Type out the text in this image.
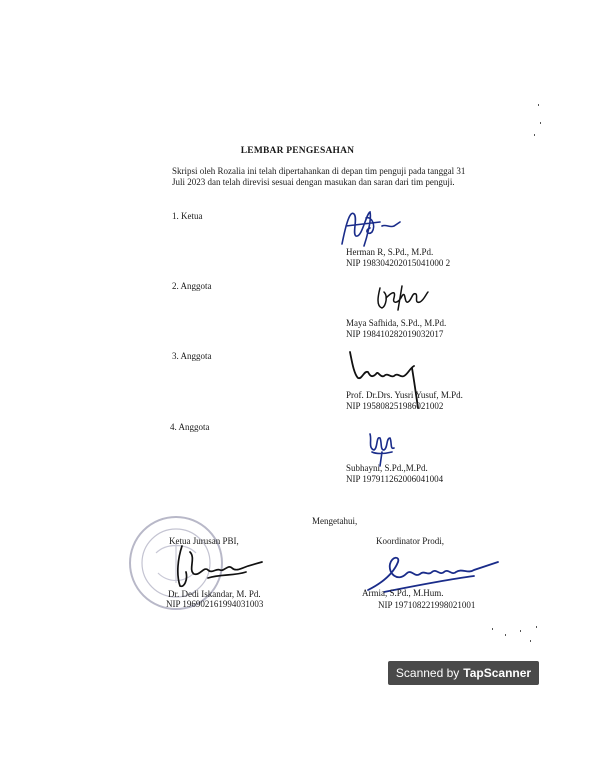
LEMBAR PENGESAHAN
Skripsi oleh Rozalia ini telah dipertahankan di depan tim penguji pada tanggal 31
Juli 2023 dan telah direvisi sesuai dengan masukan dan saran dari tim penguji.
1. Ketua
Herman R, S.Pd., M.Pd.
NIP 198304202015041000 2
2. Anggota
Maya Safhida, S.Pd., M.Pd.
NIP 198410282019032017
3. Anggota
Prof. Dr.Drs. Yusri Yusuf, M.Pd.
NIP 195808251986021002
4. Anggota
Subhayni, S.Pd.,M.Pd.
NIP 197911262006041004
Mengetahui,
Ketua Jurusan PBI,
Dr. Dedi Iskandar, M. Pd.
NIP 196902161994031003
Koordinator Prodi,
Armia, S.Pd., M.Hum.
NIP 197108221998021001
Scanned by TapScanner
